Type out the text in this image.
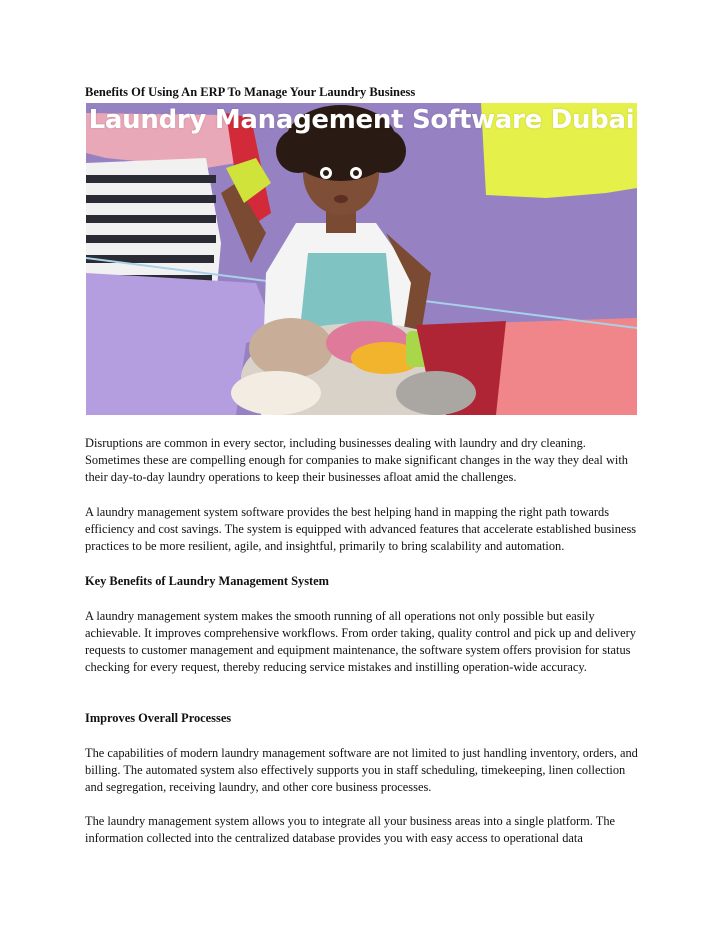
Benefits Of Using An ERP To Manage Your Laundry Business
Laundry Management Software Dubai

Disruptions are common in every sector, including businesses dealing with laundry and dry cleaning. Sometimes these are compelling enough for companies to make significant changes in the way they deal with their day-to-day laundry operations to keep their businesses afloat amid the challenges.

A laundry management system software provides the best helping hand in mapping the right path towards efficiency and cost savings. The system is equipped with advanced features that accelerate established business practices to be more resilient, agile, and insightful, primarily to bring scalability and automation.

Key Benefits of Laundry Management System

A laundry management system makes the smooth running of all operations not only possible but easily achievable. It improves comprehensive workflows. From order taking, quality control and pick up and delivery requests to customer management and equipment maintenance, the software system offers provision for status checking for every request, thereby reducing service mistakes and instilling operation-wide accuracy.

Improves Overall Processes

The capabilities of modern laundry management software are not limited to just handling inventory, orders, and billing. The automated system also effectively supports you in staff scheduling, timekeeping, linen collection and segregation, receiving laundry, and other core business processes.

The laundry management system allows you to integrate all your business areas into a single platform. The information collected into the centralized database provides you with easy access to operational data
